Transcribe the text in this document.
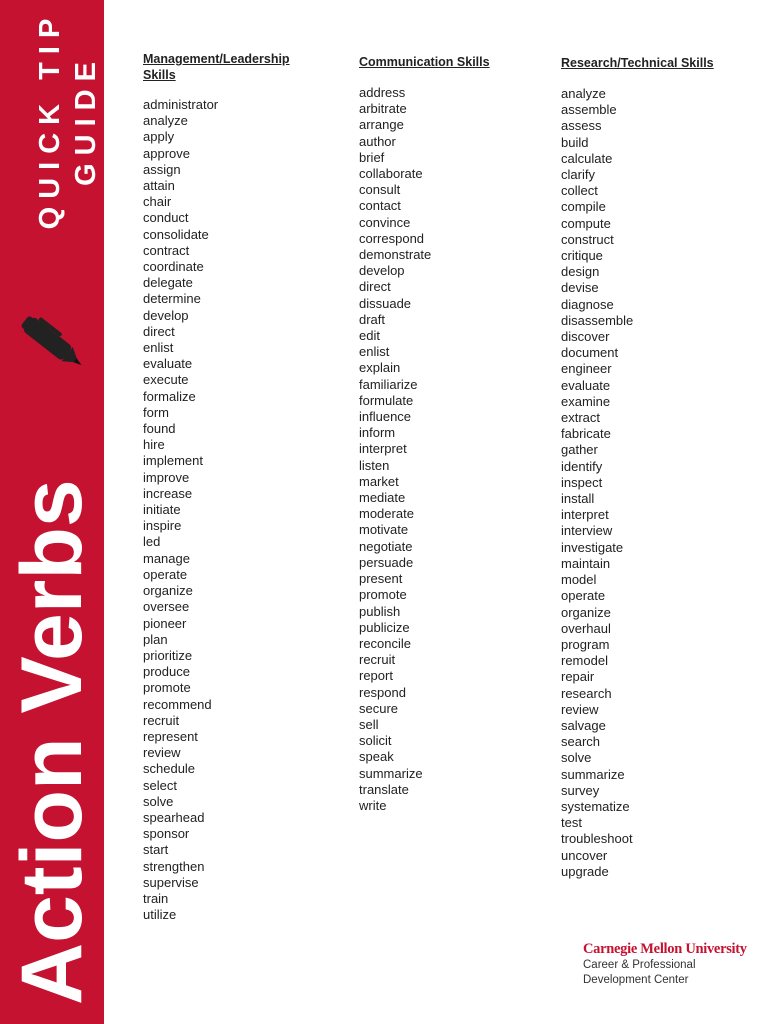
QUICK TIP GUIDE
Action Verbs
Management/Leadership Skills
administrator
analyze
apply
approve
assign
attain
chair
conduct
consolidate
contract
coordinate
delegate
determine
develop
direct
enlist
evaluate
execute
formalize
form
found
hire
implement
improve
increase
initiate
inspire
led
manage
operate
organize
oversee
pioneer
plan
prioritize
produce
promote
recommend
recruit
represent
review
schedule
select
solve
spearhead
sponsor
start
strengthen
supervise
train
utilize
Communication Skills
address
arbitrate
arrange
author
brief
collaborate
consult
contact
convince
correspond
demonstrate
develop
direct
dissuade
draft
edit
enlist
explain
familiarize
formulate
influence
inform
interpret
listen
market
mediate
moderate
motivate
negotiate
persuade
present
promote
publish
publicize
reconcile
recruit
report
respond
secure
sell
solicit
speak
summarize
translate
write
Research/Technical Skills
analyze
assemble
assess
build
calculate
clarify
collect
compile
compute
construct
critique
design
devise
diagnose
disassemble
discover
document
engineer
evaluate
examine
extract
fabricate
gather
identify
inspect
install
interpret
interview
investigate
maintain
model
operate
organize
overhaul
program
remodel
repair
research
review
salvage
search
solve
summarize
survey
systematize
test
troubleshoot
uncover
upgrade
Carnegie Mellon University
Career & Professional
Development Center
